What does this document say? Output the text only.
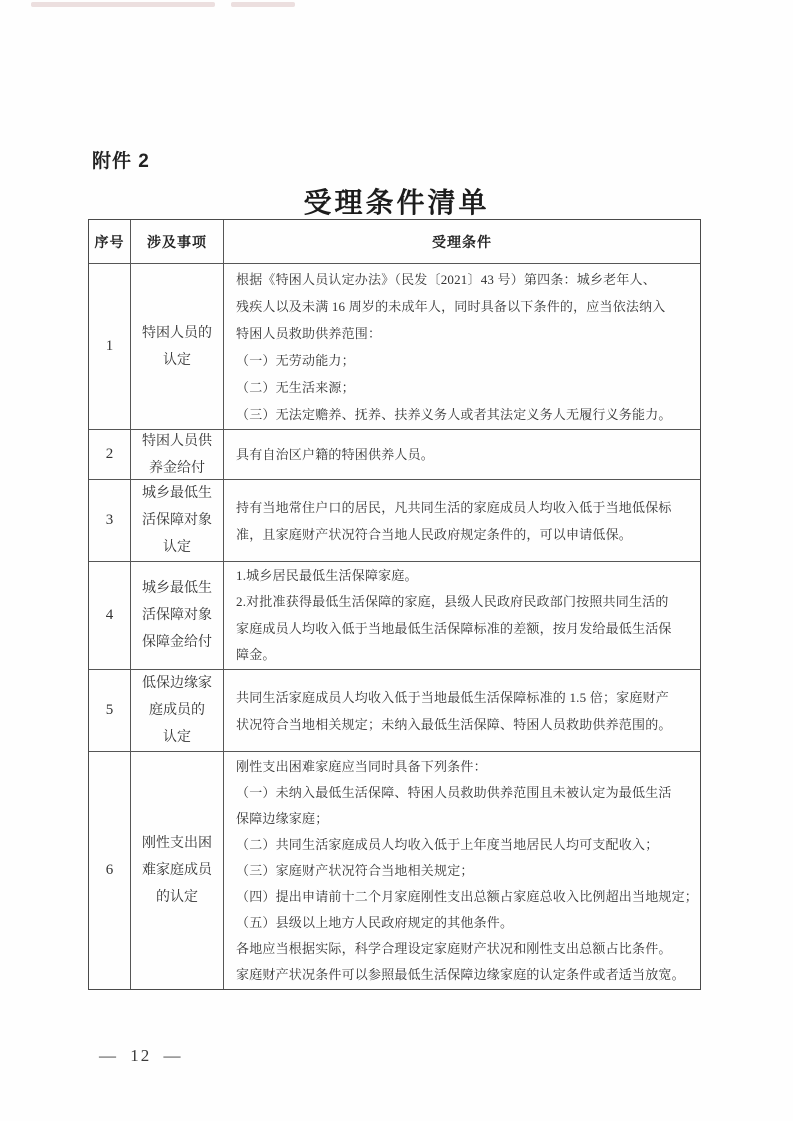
附件 2
受理条件清单
序号	涉及事项	受理条件
1
特困人员的
认定
根据《特困人员认定办法》（民发〔2021〕43 号）第四条：城乡老年人、
残疾人以及未满 16 周岁的未成年人，同时具备以下条件的，应当依法纳入
特困人员救助供养范围：
（一）无劳动能力；
（二）无生活来源；
（三）无法定赡养、抚养、扶养义务人或者其法定义务人无履行义务能力。
2
特困人员供
养金给付
具有自治区户籍的特困供养人员。
3
城乡最低生
活保障对象
认定
持有当地常住户口的居民，凡共同生活的家庭成员人均收入低于当地低保标
准，且家庭财产状况符合当地人民政府规定条件的，可以申请低保。
4
城乡最低生
活保障对象
保障金给付
1.城乡居民最低生活保障家庭。
2.对批准获得最低生活保障的家庭，县级人民政府民政部门按照共同生活的
家庭成员人均收入低于当地最低生活保障标准的差额，按月发给最低生活保
障金。
5
低保边缘家
庭成员的
认定
共同生活家庭成员人均收入低于当地最低生活保障标准的 1.5 倍；家庭财产
状况符合当地相关规定；未纳入最低生活保障、特困人员救助供养范围的。
6
刚性支出困
难家庭成员
的认定
刚性支出困难家庭应当同时具备下列条件：
（一）未纳入最低生活保障、特困人员救助供养范围且未被认定为最低生活
保障边缘家庭；
（二）共同生活家庭成员人均收入低于上年度当地居民人均可支配收入；
（三）家庭财产状况符合当地相关规定；
（四）提出申请前十二个月家庭刚性支出总额占家庭总收入比例超出当地规定；
（五）县级以上地方人民政府规定的其他条件。
各地应当根据实际，科学合理设定家庭财产状况和刚性支出总额占比条件。
家庭财产状况条件可以参照最低生活保障边缘家庭的认定条件或者适当放宽。
— 12 —
